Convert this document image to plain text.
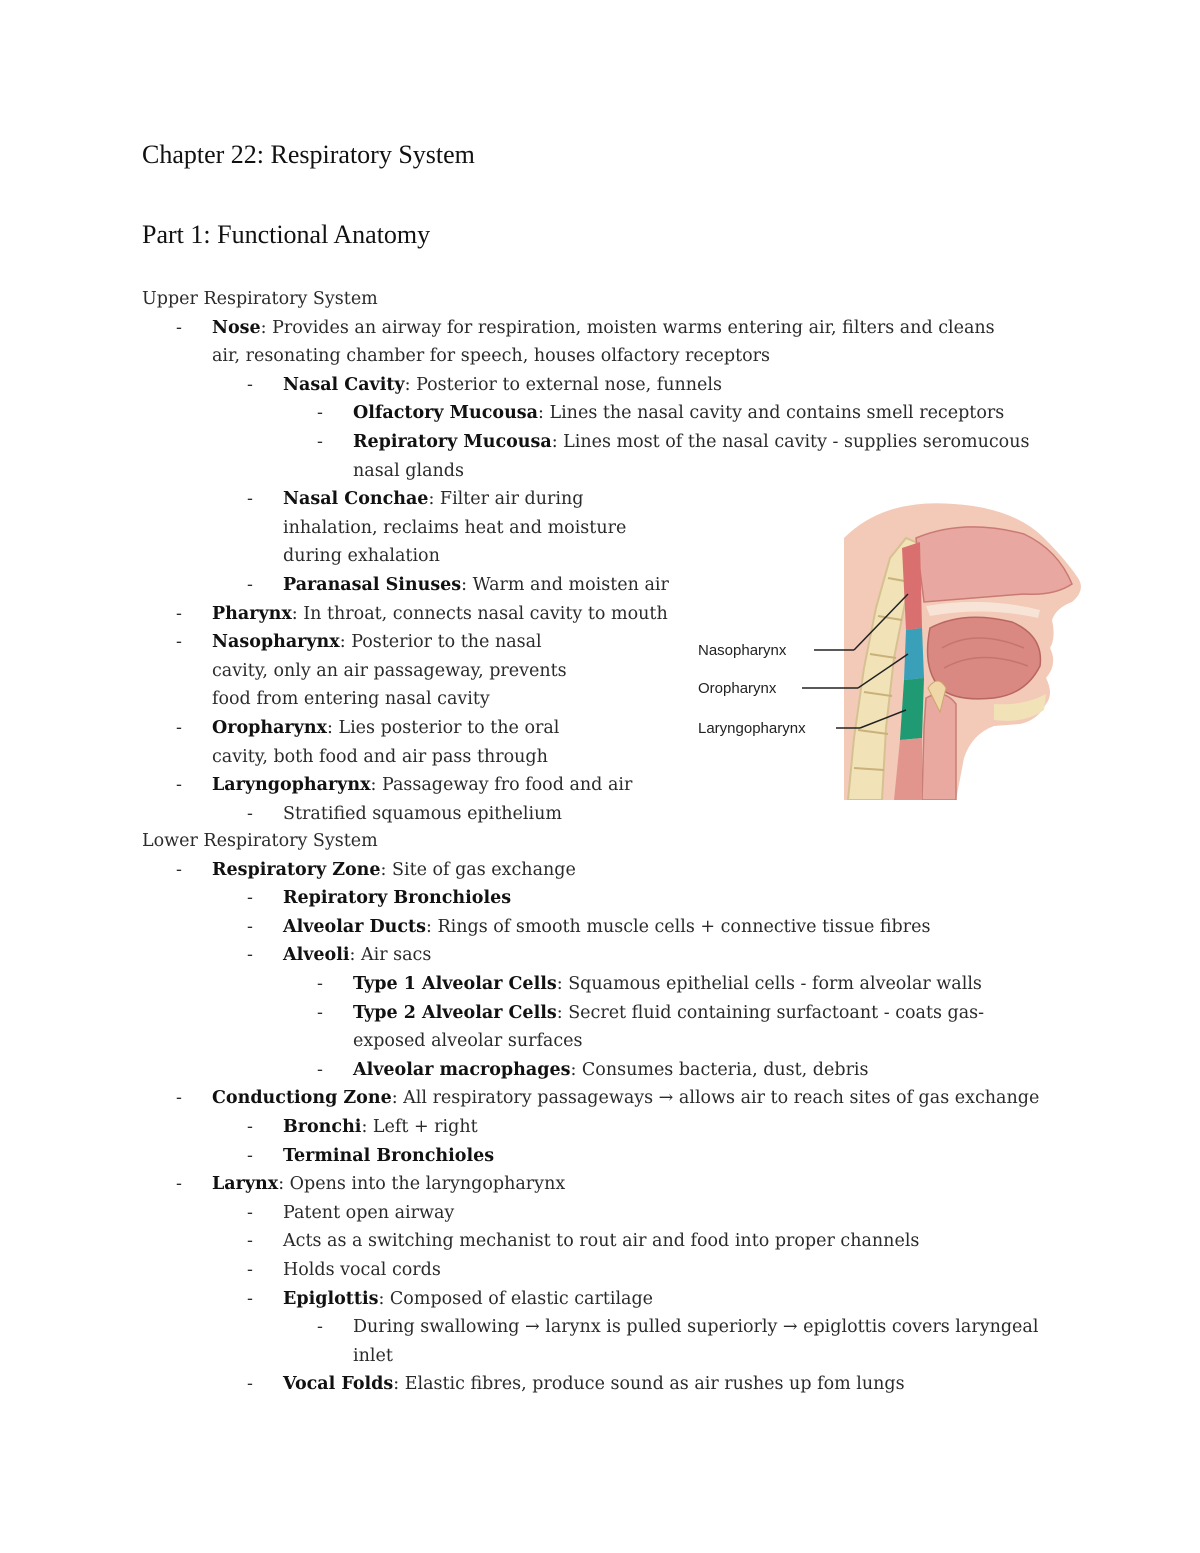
Chapter 22: Respiratory System
Part 1: Functional Anatomy

Upper Respiratory System

-	Nose: Provides an airway for respiration, moisten warms entering air, filters and cleans air, resonating chamber for speech, houses olfactory receptors
-	Nasal Cavity: Posterior to external nose, funnels
-	Olfactory Mucousa: Lines the nasal cavity and contains smell receptors
-	Repiratory Mucousa: Lines most of the nasal cavity - supplies seromucous nasal glands
-	Nasal Conchae: Filter air during inhalation, reclaims heat and moisture during exhalation
-	Paranasal Sinuses: Warm and moisten air
-	Pharynx: In throat, connects nasal cavity to mouth
-	Nasopharynx: Posterior to the nasal cavity, only an air passageway, prevents food from entering nasal cavity
-	Oropharynx: Lies posterior to the oral cavity, both food and air pass through
-	Laryngopharynx: Passageway fro food and air
-	Stratified squamous epithelium
Nasopharynx
Oropharynx
Laryngopharynx

Lower Respiratory System

-	Respiratory Zone: Site of gas exchange
-	Repiratory Bronchioles
-	Alveolar Ducts: Rings of smooth muscle cells + connective tissue fibres
-	Alveoli: Air sacs
-	Type 1 Alveolar Cells: Squamous epithelial cells - form alveolar walls
-	Type 2 Alveolar Cells: Secret fluid containing surfactoant - coats gas-exposed alveolar surfaces
-	Alveolar macrophages: Consumes bacteria, dust, debris
-	Conductiong Zone: All respiratory passageways → allows air to reach sites of gas exchange
-	Bronchi: Left + right
-	Terminal Bronchioles
-	Larynx: Opens into the laryngopharynx
-	Patent open airway
-	Acts as a switching mechanist to rout air and food into proper channels
-	Holds vocal cords
-	Epiglottis: Composed of elastic cartilage
-	During swallowing → larynx is pulled superiorly → epiglottis covers laryngeal inlet
-	Vocal Folds: Elastic fibres, produce sound as air rushes up fom lungs
